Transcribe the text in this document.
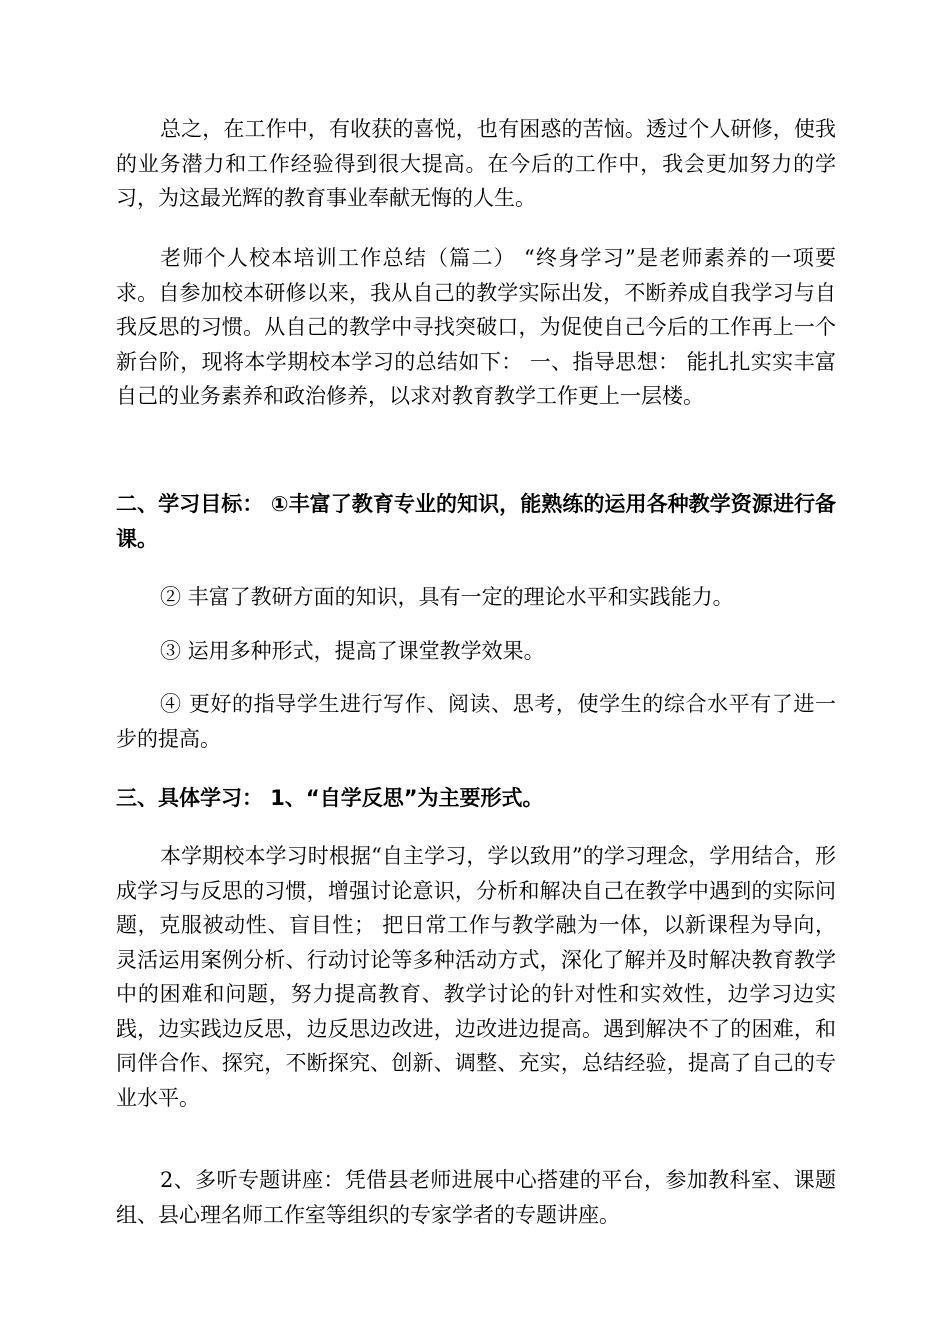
总之，在工作中，有收获的喜悦，也有困惑的苦恼。透过个人研修，使我的业务潜力和工作经验得到很大提高。在今后的工作中，我会更加努力的学习，为这最光辉的教育事业奉献无悔的人生。

老师个人校本培训工作总结（篇二） “终身学习”是老师素养的一项要求。自参加校本研修以来，我从自己的教学实际出发，不断养成自我学习与自我反思的习惯。从自己的教学中寻找突破口，为促使自己今后的工作再上一个新台阶，现将本学期校本学习的总结如下： 一、指导思想： 能扎扎实实丰富自己的业务素养和政治修养，以求对教育教学工作更上一层楼。

二、学习目标： ①丰富了教育专业的知识，能熟练的运用各种教学资源进行备课。

② 丰富了教研方面的知识，具有一定的理论水平和实践能力。

③ 运用多种形式，提高了课堂教学效果。

④ 更好的指导学生进行写作、阅读、思考，使学生的综合水平有了进一步的提高。

三、具体学习： 1、“自学反思”为主要形式。

本学期校本学习时根据“自主学习，学以致用”的学习理念，学用结合，形成学习与反思的习惯，增强讨论意识，分析和解决自己在教学中遇到的实际问题，克服被动性、盲目性； 把日常工作与教学融为一体，以新课程为导向，灵活运用案例分析、行动讨论等多种活动方式，深化了解并及时解决教育教学中的困难和问题，努力提高教育、教学讨论的针对性和实效性，边学习边实践，边实践边反思，边反思边改进，边改进边提高。遇到解决不了的困难，和同伴合作、探究，不断探究、创新、调整、充实，总结经验，提高了自己的专业水平。

2、多听专题讲座：凭借县老师进展中心搭建的平台，参加教科室、课题组、县心理名师工作室等组织的专家学者的专题讲座。
